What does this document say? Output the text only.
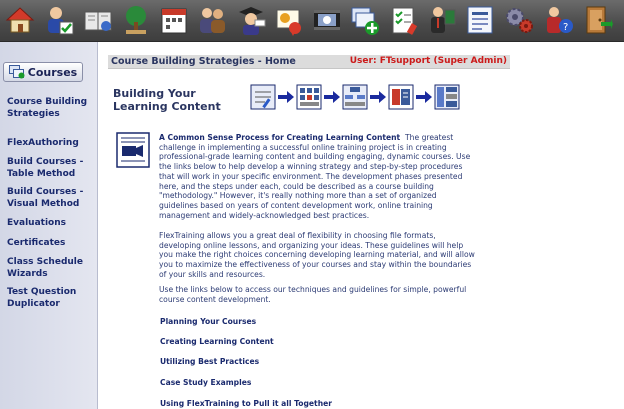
?
Courses
Course Building Strategies
FlexAuthoring
Build Courses - Table Method
Build Courses - Visual Method
Evaluations
Certificates
Class Schedule Wizards
Test Question Duplicator
Course Building Strategies - Home	User: FTsupport (Super Admin)
Building Your Learning Content
A Common Sense Process for Creating Learning Content The greatest challenge in implementing a successful online training project is in creating professional-grade learning content and building engaging, dynamic courses. Use the links below to help develop a winning strategy and step-by-step procedures that will work in your specific environment. The development phases presented here, and the steps under each, could be described as a course building "methodology." However, it's really nothing more than a set of organized guidelines based on years of content development work, online training management and widely-acknowledged best practices.
FlexTraining allows you a great deal of flexibility in choosing file formats, developing online lessons, and organizing your ideas. These guidelines will help you make the right choices concerning developing learning material, and will allow you to maximize the effectiveness of your courses and stay within the boundaries of your skills and resources.
Use the links below to access our techniques and guidelines for simple, powerful course content development.
Planning Your Courses
Creating Learning Content
Utilizing Best Practices
Case Study Examples
Using FlexTraining to Pull it all Together
